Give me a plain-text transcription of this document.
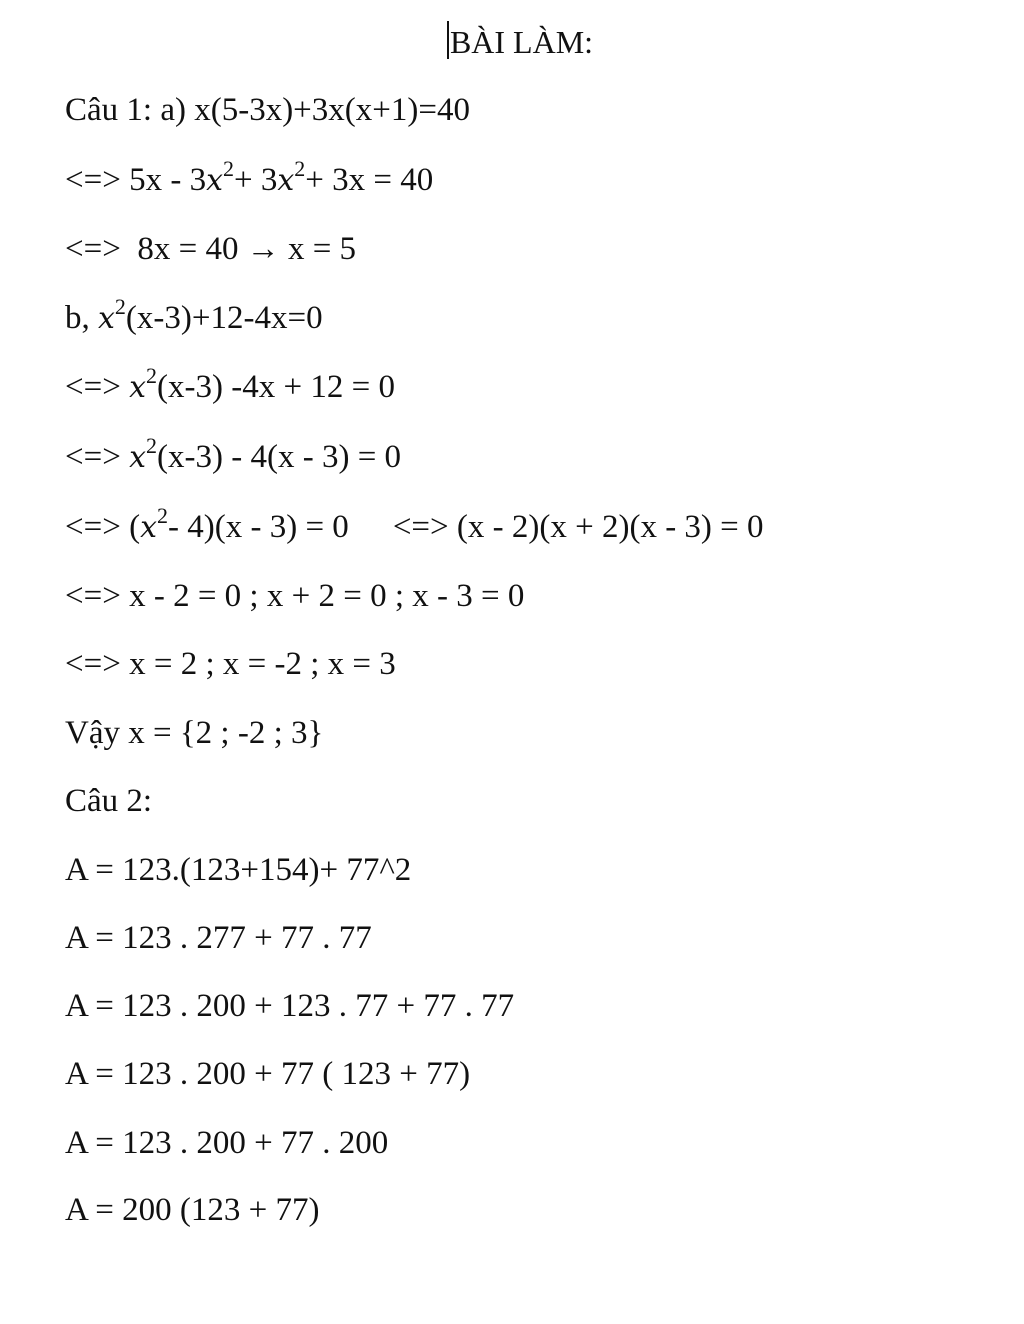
BÀI LÀM:
Câu 1: a) x(5-3x)+3x(x+1)=40
<=> $5x - 3x^2+ 3x^2+ 3x = 40$
<=>  8x = 40 → x = 5
b, $x^2(x-3)+12-4x=0$
<=> $x^2(x-3) -4x + 12 = 0$
<=> $x^2(x-3) - 4(x - 3) = 0$
<=> ($x^2-$ 4)(x - 3) = 0 <=> (x - 2)(x + 2)(x - 3) = 0
<=> x - 2 = 0 ; x + 2 = 0 ; x - 3 = 0
<=> x = 2 ; x = -2 ; x = 3
Vậy x = {2 ; -2 ; 3}
Câu 2:
A = 123.(123+154)+ 77^2
A = 123 . 277 + 77 . 77
A = 123 . 200 + 123 . 77 + 77 . 77
A = 123 . 200 + 77 ( 123 + 77)
A = 123 . 200 + 77 . 200
A = 200 (123 + 77)
